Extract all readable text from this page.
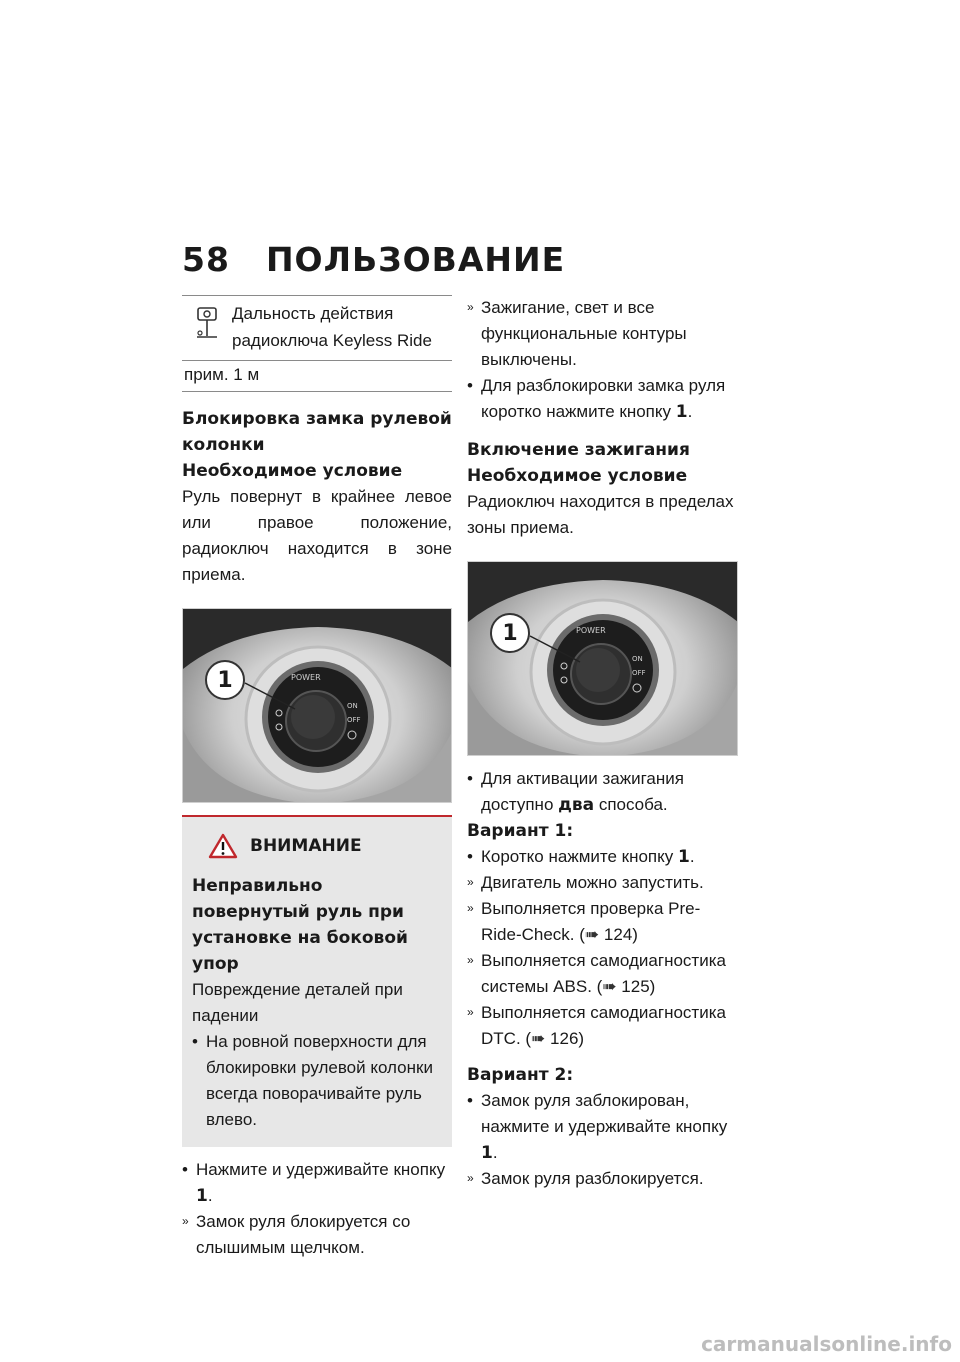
58 ПОЛЬЗОВАНИЕ
Дальность действия радиоключа Keyless Ride
прим. 1 м
Блокировка замка рулевой колонки
Необходимое условие

Руль повернут в крайнее левое или правое положение, радиоключ находится в зоне приема.

POWER
ON
OFF
1
ВНИМАНИЕ
Неправильно повернутый руль при установке на боковой упор

Повреждение деталей при падении

• На ровной поверхности для блокировки рулевой колонки всегда поворачивайте руль влево.
• Нажмите и удерживайте кнопку 1.
» Замок руля блокируется со слышимым щелчком.
» Зажигание, свет и все функциональные контуры выключены.
• Для разблокировки замка руля коротко нажмите кнопку 1.
Включение зажигания
Необходимое условие

Радиоключ находится в пределах зоны приема.

POWER
ON
OFF
1
• Для активации зажигания доступно два способа.
Вариант 1:
• Коротко нажмите кнопку 1.
» Двигатель можно запустить.
» Выполняется проверка Pre-Ride-Check. (➠ 124)
» Выполняется самодиагностика системы ABS. (➠ 125)
» Выполняется самодиагностика DTC. (➠ 126)
Вариант 2:
• Замок руля заблокирован, нажмите и удерживайте кнопку 1.
» Замок руля разблокируется.
carmanualsonline.info
